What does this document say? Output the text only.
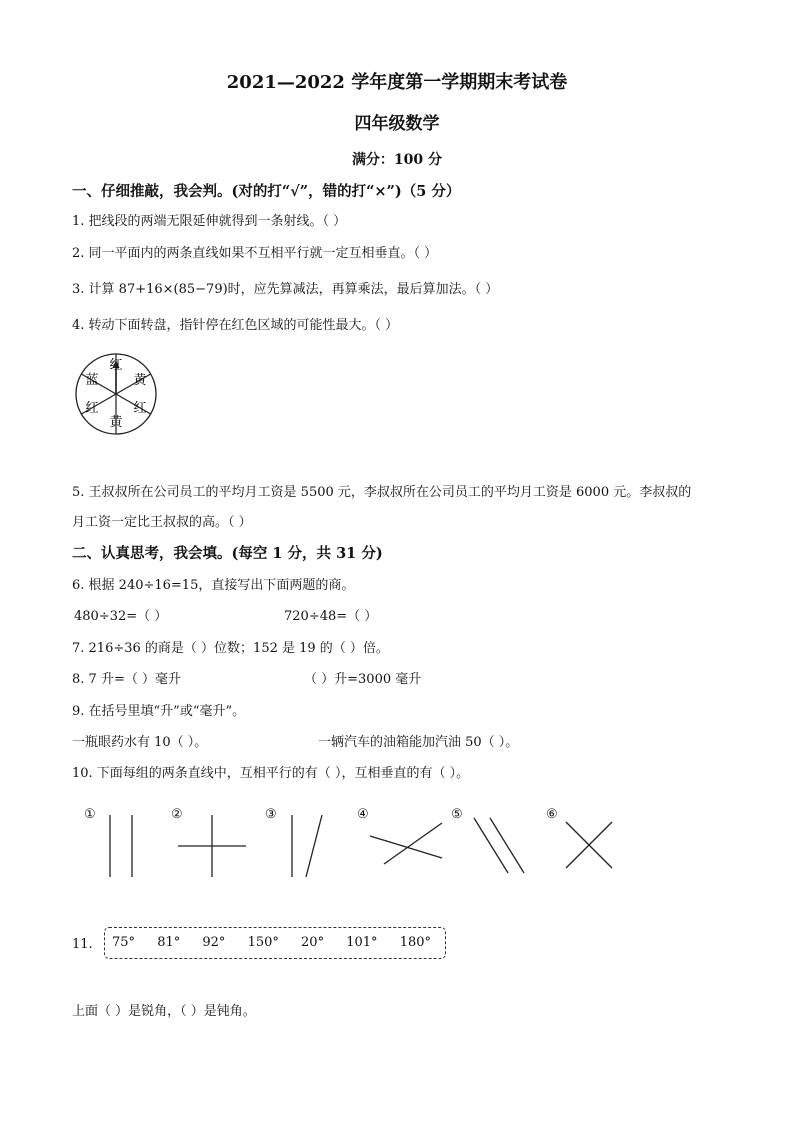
2021—2022 学年度第一学期期末考试卷
四年级数学
满分：100 分
一、仔细推敲，我会判。(对的打“√”，错的打“×”)（5 分）
1. 把线段的两端无限延伸就得到一条射线。（ ）
2. 同一平面内的两条直线如果不互相平行就一定互相垂直。（ ）
3. 计算 87+16×(85−79)时，应先算减法，再算乘法，最后算加法。（ ）
4. 转动下面转盘，指针停在红色区域的可能性最大。（ ）
红
黄
红
黄
红
蓝
5. 王叔叔所在公司员工的平均月工资是 5500 元，李叔叔所在公司员工的平均月工资是 6000 元。李叔叔的
月工资一定比王叔叔的高。（ ）
二、认真思考，我会填。(每空 1 分，共 31 分)
6. 根据 240÷16=15，直接写出下面两题的商。
480÷32=（ ）	720÷48=（ ）
7. 216÷36 的商是（ ）位数；152 是 19 的（ ）倍。
8. 7 升=（ ）毫升	（ ）升=3000 毫升
9. 在括号里填“升”或“毫升”。
一瓶眼药水有 10（ ）。	一辆汽车的油箱能加汽油 50（ ）。
10. 下面每组的两条直线中，互相平行的有（ ），互相垂直的有（ ）。
①	②	③	④	⑤	⑥
11. 75° 81° 92° 150° 20° 101° 180°
上面（ ）是锐角，（ ）是钝角。
